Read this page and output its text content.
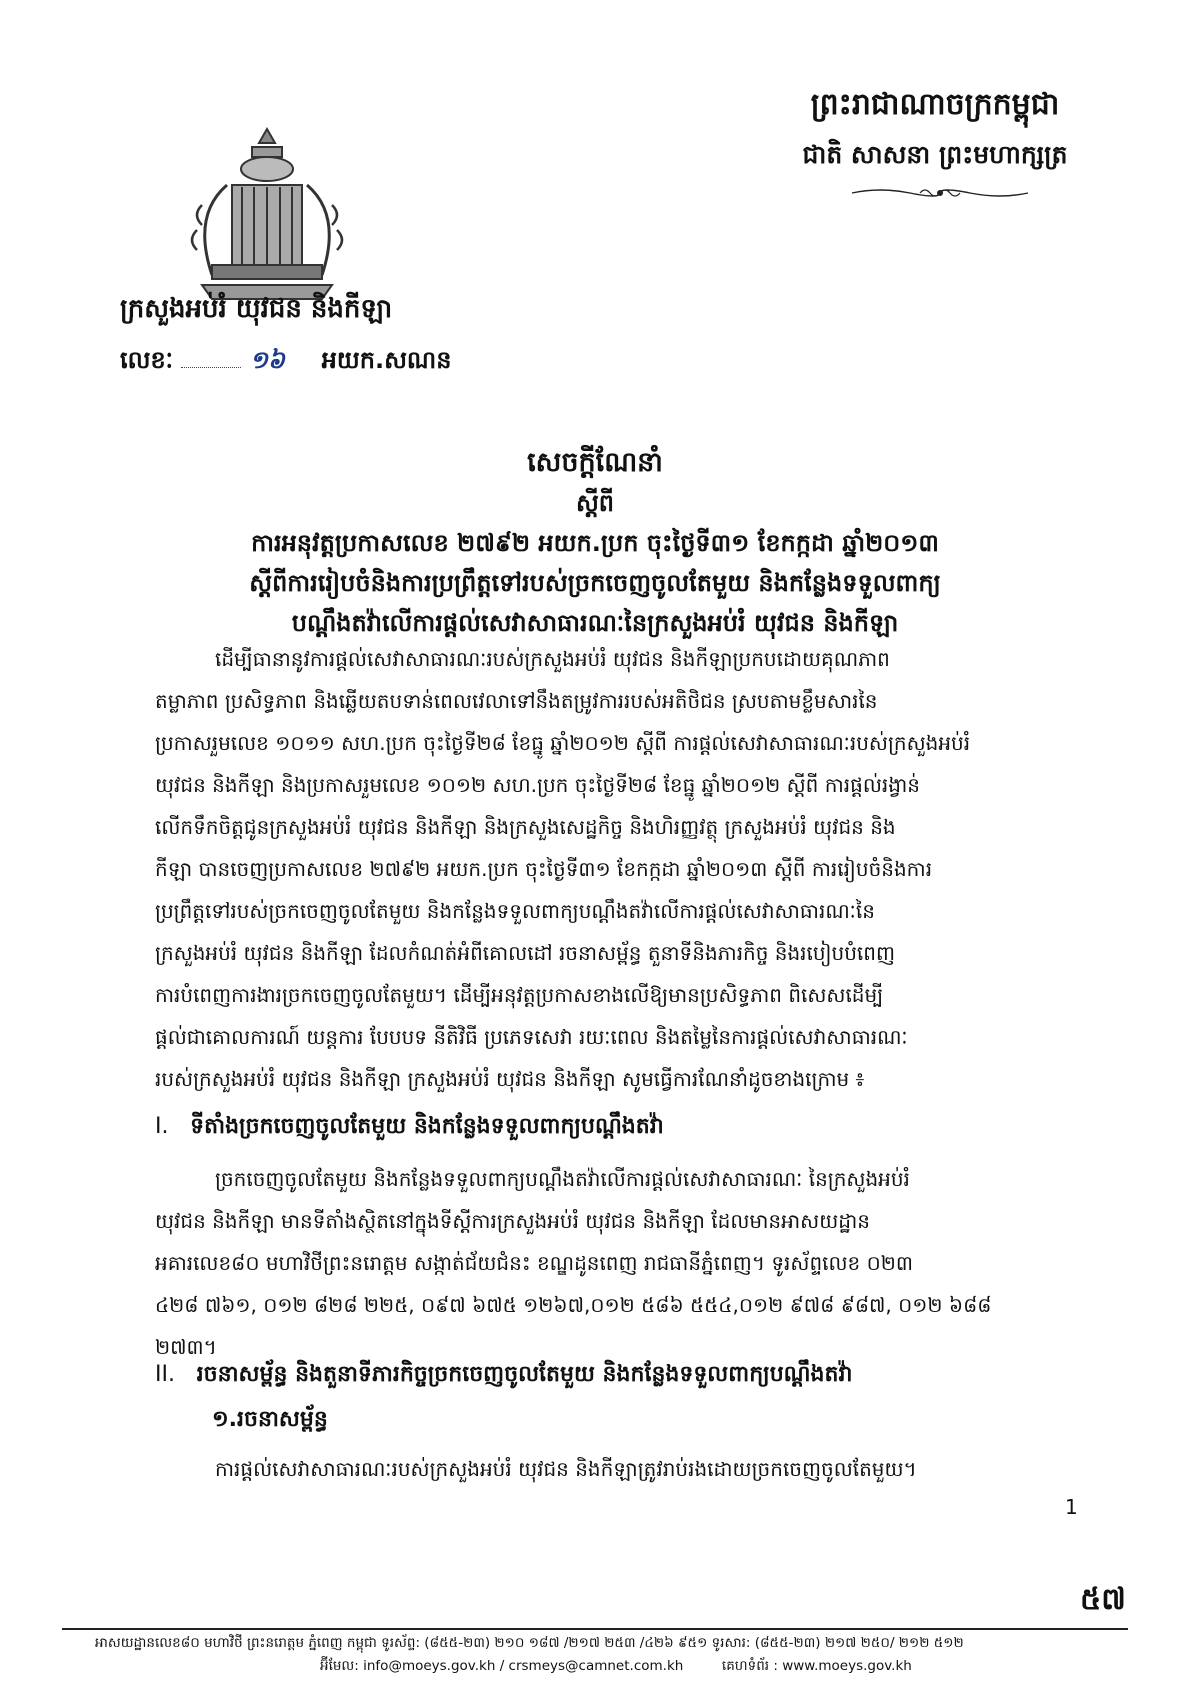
ព្រះរាជាណាចក្រកម្ពុជា
ជាតិ សាសនា ព្រះមហាក្សត្រ
ក្រសួងអប់រំ យុវជន និងកីឡា
លេខៈ	១៦ អយក.សណន
សេចក្តីណែនាំ
ស្តីពី
ការអនុវត្តប្រកាសលេខ ២៧៩២ អយក.ប្រក ចុះថ្ងៃទី៣១ ខែកក្កដា ឆ្នាំ២០១៣
ស្តីពីការរៀបចំនិងការប្រព្រឹត្តទៅរបស់ច្រកចេញចូលតែមួយ និងកន្លែងទទួលពាក្យ
បណ្តឹងតវ៉ាលើការផ្តល់សេវាសាធារណៈនៃក្រសួងអប់រំ យុវជន និងកីឡា
ដើម្បីធានានូវការផ្តល់សេវាសាធារណៈរបស់ក្រសួងអប់រំ យុវជន និងកីឡាប្រកបដោយគុណភាព
តម្លាភាព ប្រសិទ្ធភាព និងឆ្លើយតបទាន់ពេលវេលាទៅនឹងតម្រូវការរបស់អតិថិជន ស្របតាមខ្លឹមសារនៃ
ប្រកាសរួមលេខ ១០១១ សហ.ប្រក ចុះថ្ងៃទី២៨ ខែធ្នូ ឆ្នាំ២០១២ ស្តីពី ការផ្តល់សេវាសាធារណៈរបស់ក្រសួងអប់រំ
យុវជន និងកីឡា និងប្រកាសរួមលេខ ១០១២ សហ.ប្រក ចុះថ្ងៃទី២៨ ខែធ្នូ ឆ្នាំ២០១២ ស្តីពី ការផ្តល់រង្វាន់
លើកទឹកចិត្តជូនក្រសួងអប់រំ យុវជន និងកីឡា និងក្រសួងសេដ្ឋកិច្ច និងហិរញ្ញវត្ថុ ក្រសួងអប់រំ យុវជន និង
កីឡា បានចេញប្រកាសលេខ ២៧៩២ អយក.ប្រក ចុះថ្ងៃទី៣១ ខែកក្កដា ឆ្នាំ២០១៣ ស្តីពី ការរៀបចំនិងការ
ប្រព្រឹត្តទៅរបស់ច្រកចេញចូលតែមួយ និងកន្លែងទទួលពាក្យបណ្តឹងតវ៉ាលើការផ្តល់សេវាសាធារណៈនៃ
ក្រសួងអប់រំ យុវជន និងកីឡា ដែលកំណត់អំពីគោលដៅ រចនាសម្ព័ន្ធ តួនាទីនិងភារកិច្ច និងរបៀបបំពេញ
ការបំពេញការងារច្រកចេញចូលតែមួយ។ ដើម្បីអនុវត្តប្រកាសខាងលើឱ្យមានប្រសិទ្ធភាព ពិសេសដើម្បី
ផ្តល់ជាគោលការណ៍ យន្តការ បែបបទ នីតិវិធី ប្រភេទសេវា រយៈពេល និងតម្លៃនៃការផ្តល់សេវាសាធារណៈ
របស់ក្រសួងអប់រំ យុវជន និងកីឡា ក្រសួងអប់រំ យុវជន និងកីឡា សូមធ្វើការណែនាំដូចខាងក្រោម ៖
I. ទីតាំងច្រកចេញចូលតែមួយ និងកន្លែងទទួលពាក្យបណ្តឹងតវ៉ា
ច្រកចេញចូលតែមួយ និងកន្លែងទទួលពាក្យបណ្តឹងតវ៉ាលើការផ្តល់សេវាសាធារណៈ នៃក្រសួងអប់រំ
យុវជន និងកីឡា មានទីតាំងស្ថិតនៅក្នុងទីស្តីការក្រសួងអប់រំ យុវជន និងកីឡា ដែលមានអាសយដ្ឋាន
អគារលេខ៨០ មហាវិថីព្រះនរោត្តម សង្កាត់ជ័យជំនះ ខណ្ឌដូនពេញ រាជធានីភ្នំពេញ។ ទូរស័ព្ទលេខ ០២៣
៤២៨ ៧៦១, ០១២ ៨២៨ ២២៥, ០៩៧ ៦៧៥ ១២៦៧,០១២ ៥៨៦ ៥៥៤,០១២ ៩៧៨ ៩៨៧, ០១២ ៦៨៨
២៧៣។
II. រចនាសម្ព័ន្ធ និងតួនាទីភារកិច្ចច្រកចេញចូលតែមួយ និងកន្លែងទទួលពាក្យបណ្តឹងតវ៉ា
១.រចនាសម្ព័ន្ធ
ការផ្តល់សេវាសាធារណៈរបស់ក្រសួងអប់រំ យុវជន និងកីឡាត្រូវរាប់រងដោយច្រកចេញចូលតែមួយ។
1
៥៧
អាសយដ្ឋានលេខ៨០ មហាវិថី ព្រះនរោត្តម ភ្នំពេញ កម្ពុជា ទូរស័ព្ទ: (៨៥៥-២៣) ២១០ ១៨៧ /២១៧ ២៥៣ /៤២៦ ៩៥១ ទូរសារ: (៨៥៥-២៣) ២១៧ ២៥០/ ២១២ ៥១២
អ៊ីមែល: info@moeys.gov.kh / crsmeys@camnet.com.kh	គេហទំព័រ : www.moeys.gov.kh
